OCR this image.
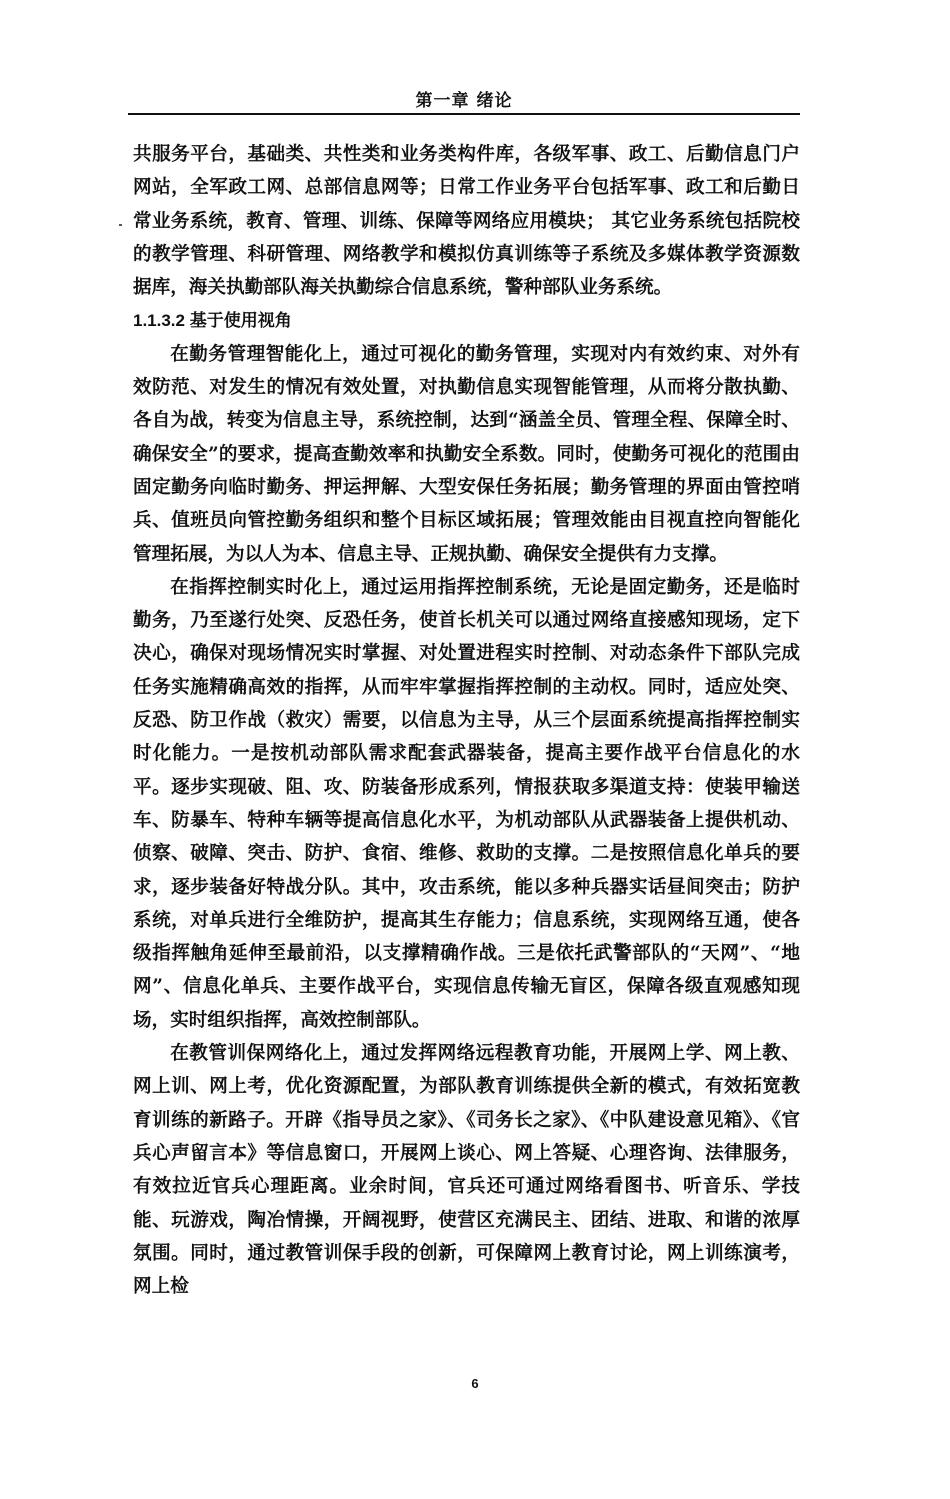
第一章 绪论

共服务平台，基础类、共性类和业务类构件库，各级军事、政工、后勤信息门户网站，全军政工网、总部信息网等；日常工作业务平台包括军事、政工和后勤日常业务系统，教育、管理、训练、保障等网络应用模块； 其它业务系统包括院校的教学管理、科研管理、网络教学和模拟仿真训练等子系统及多媒体教学资源数据库，海关执勤部队海关执勤综合信息系统，警种部队业务系统。

1.1.3.2 基于使用视角

在勤务管理智能化上，通过可视化的勤务管理，实现对内有效约束、对外有效防范、对发生的情况有效处置，对执勤信息实现智能管理，从而将分散执勤、各自为战，转变为信息主导，系统控制，达到“涵盖全员、管理全程、保障全时、确保安全”的要求，提高查勤效率和执勤安全系数。同时，使勤务可视化的范围由固定勤务向临时勤务、押运押解、大型安保任务拓展；勤务管理的界面由管控哨兵、值班员向管控勤务组织和整个目标区域拓展；管理效能由目视直控向智能化管理拓展，为以人为本、信息主导、正规执勤、确保安全提供有力支撑。

在指挥控制实时化上，通过运用指挥控制系统，无论是固定勤务，还是临时勤务，乃至遂行处突、反恐任务，使首长机关可以通过网络直接感知现场，定下决心，确保对现场情况实时掌握、对处置进程实时控制、对动态条件下部队完成任务实施精确高效的指挥，从而牢牢掌握指挥控制的主动权。同时，适应处突、反恐、防卫作战（救灾）需要，以信息为主导，从三个层面系统提高指挥控制实时化能力。一是按机动部队需求配套武器装备，提高主要作战平台信息化的水平。逐步实现破、阻、攻、防装备形成系列，情报获取多渠道支持：使装甲输送车、防暴车、特种车辆等提高信息化水平，为机动部队从武器装备上提供机动、侦察、破障、突击、防护、食宿、维修、救助的支撑。二是按照信息化单兵的要求，逐步装备好特战分队。其中，攻击系统，能以多种兵器实话昼间突击；防护系统，对单兵进行全维防护，提高其生存能力；信息系统，实现网络互通，使各级指挥触角延伸至最前沿，以支撑精确作战。三是依托武警部队的“天网”、“地网”、信息化单兵、主要作战平台，实现信息传输无盲区，保障各级直观感知现场，实时组织指挥，高效控制部队。

在教管训保网络化上，通过发挥网络远程教育功能，开展网上学、网上教、网上训、网上考，优化资源配置，为部队教育训练提供全新的模式，有效拓宽教育训练的新路子。开辟《指导员之家》、《司务长之家》、《中队建设意见箱》、《官兵心声留言本》等信息窗口，开展网上谈心、网上答疑、心理咨询、法律服务，有效拉近官兵心理距离。业余时间，官兵还可通过网络看图书、听音乐、学技能、玩游戏，陶冶情操，开阔视野，使营区充满民主、团结、进取、和谐的浓厚氛围。同时，通过教管训保手段的创新，可保障网上教育讨论，网上训练演考，网上检

6
